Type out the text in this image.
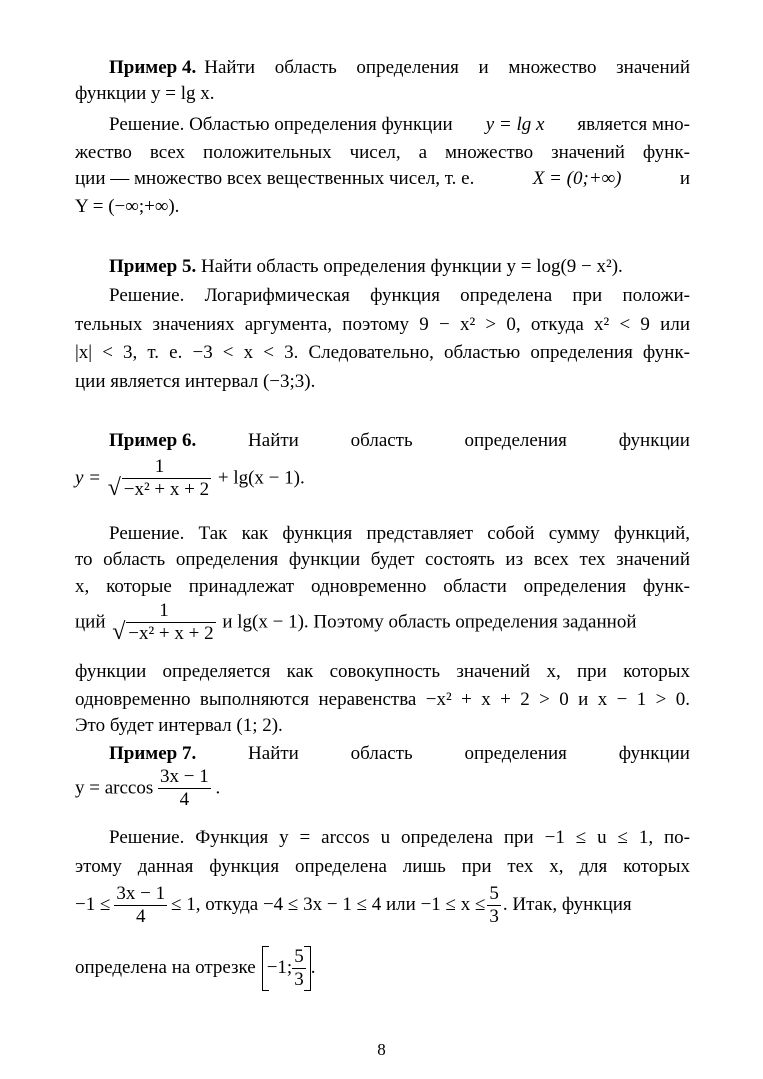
Пример 4. Найти область определения и множество значений
функции y = lg x.
Решение. Областью определения функции y = lg x является мно-
жество всех положительных чисел, а множество значений функ-
ции — множество всех вещественных чисел, т. е.	X = (0;+∞)	и
Y = (−∞;+∞).
Пример 5. Найти область определения функции y = log(9 − x²).
Решение. Логарифмическая функция определена при положи-
тельных значениях аргумента, поэтому 9 − x² > 0, откуда x² < 9 или
|x| < 3, т. е. −3 < x < 3. Следовательно, областью определения функ-
ции является интервал (−3;3).
Пример 6.	Найти	область	определения	функции
y =
1
√ −x² + x + 2
+ lg(x − 1).
Решение. Так как функция представляет собой сумму функций,
то область определения функции будет состоять из всех тех значений
x, которые принадлежат одновременно области определения функ-
ций
1
√ −x² + x + 2
и lg(x − 1). Поэтому область определения заданной
функции определяется как совокупность значений x, при которых
одновременно выполняются неравенства −x² + x + 2 > 0 и x − 1 > 0.
Это будет интервал (1; 2).
Пример 7.	Найти	область	определения	функции
$y = \arccos \frac{3x - 1}{4}$ .
Решение. Функция y = arccos u определена при −1 ≤ u ≤ 1, по-
этому данная функция определена лишь при тех x, для которых
$-1 \le \frac{3x - 1}{4} \le 1$, откуда −4 ≤ 3x − 1 ≤ 4 или $-1 \le x \le \frac{5}{3}$ . Итак, функция
определена на отрезке −1; $\frac{5}{3}$ .
8
